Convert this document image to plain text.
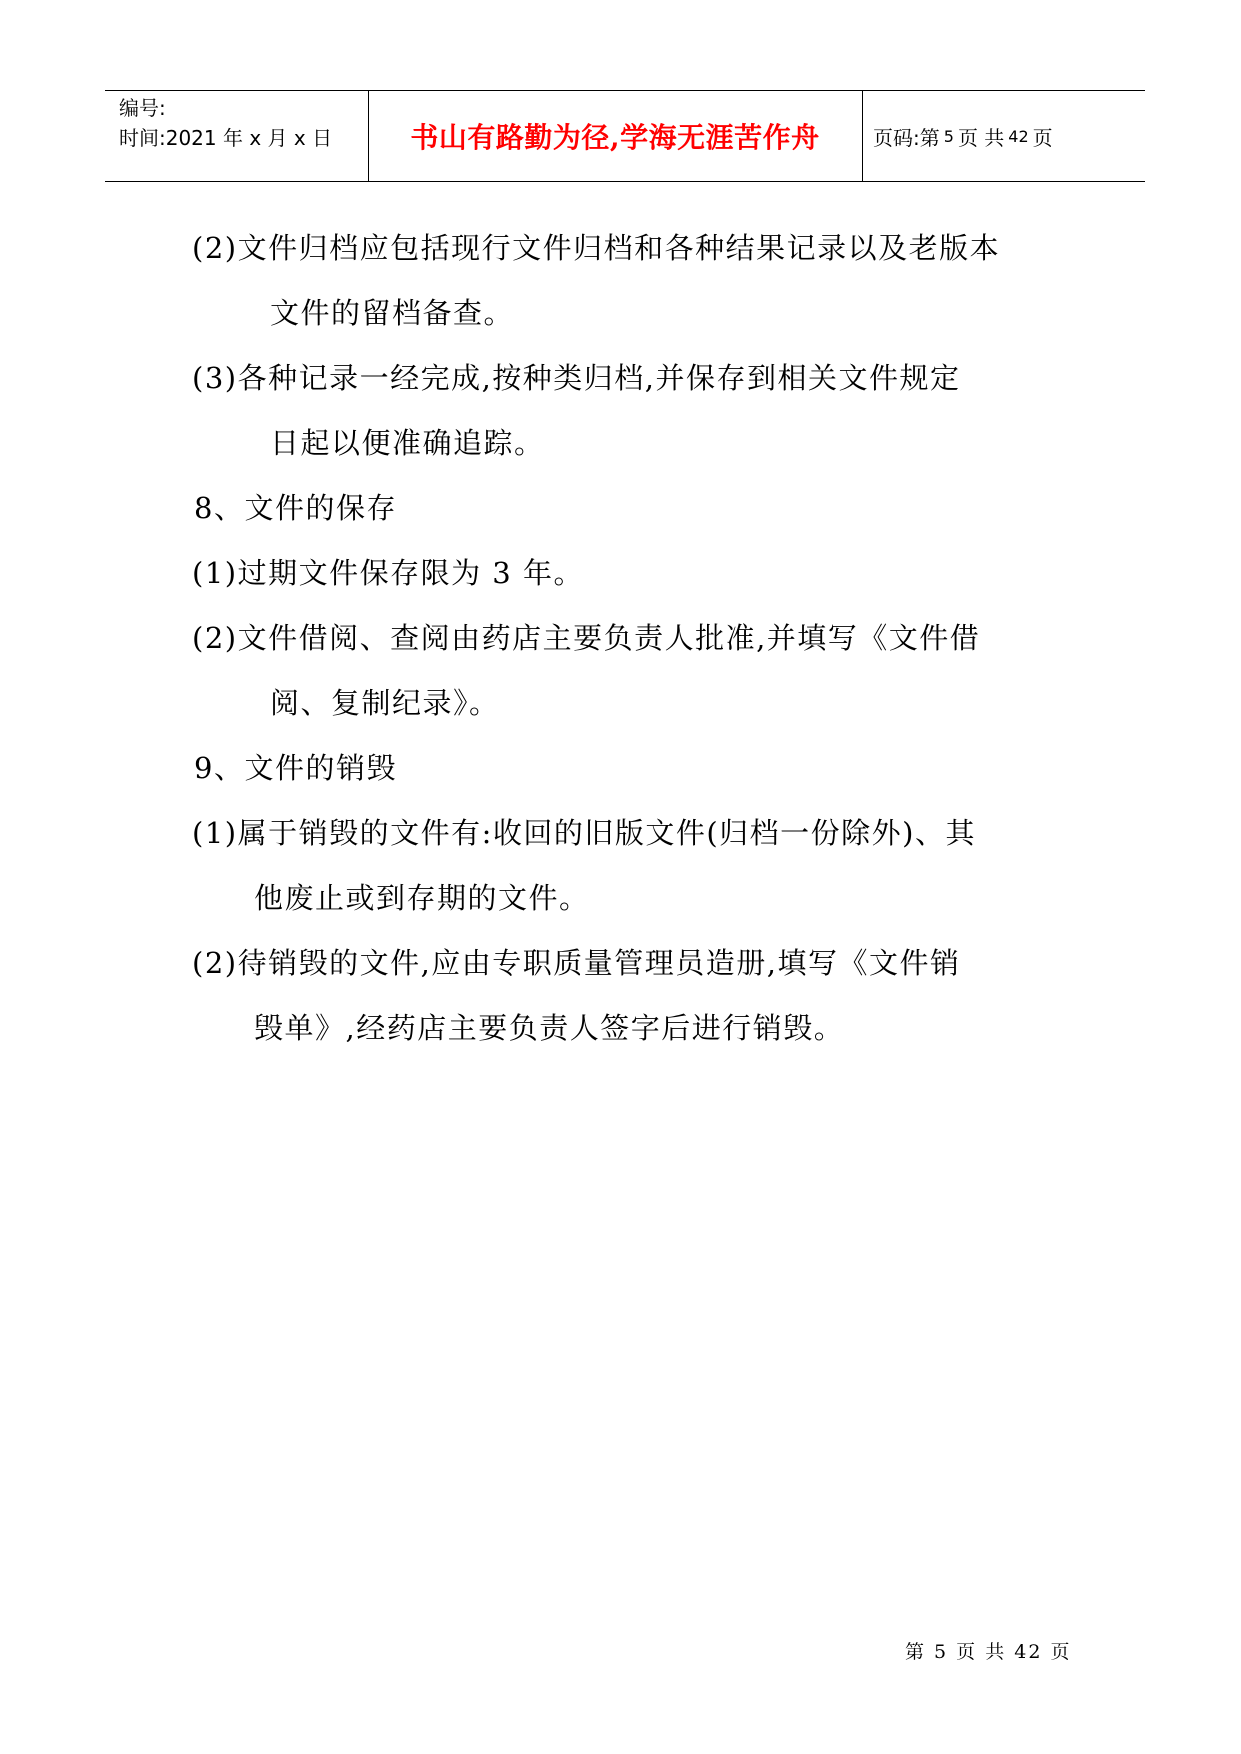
编号:
时间:2021 年 x 月 x 日	书山有路勤为径,学海无涯苦作舟	页码:第 5 页 共 42 页
(2)文件归档应包括现行文件归档和各种结果记录以及老版本
文件的留档备查。
(3)各种记录一经完成,按种类归档,并保存到相关文件规定
日起以便准确追踪。
8、文件的保存
(1)过期文件保存限为 3 年。
(2)文件借阅、查阅由药店主要负责人批准,并填写《文件借
阅、复制纪录》。
9、文件的销毁
(1)属于销毁的文件有:收回的旧版文件(归档一份除外)、其
他废止或到存期的文件。
(2)待销毁的文件,应由专职质量管理员造册,填写《文件销
毁单》,经药店主要负责人签字后进行销毁。
第 5 页 共 42 页
